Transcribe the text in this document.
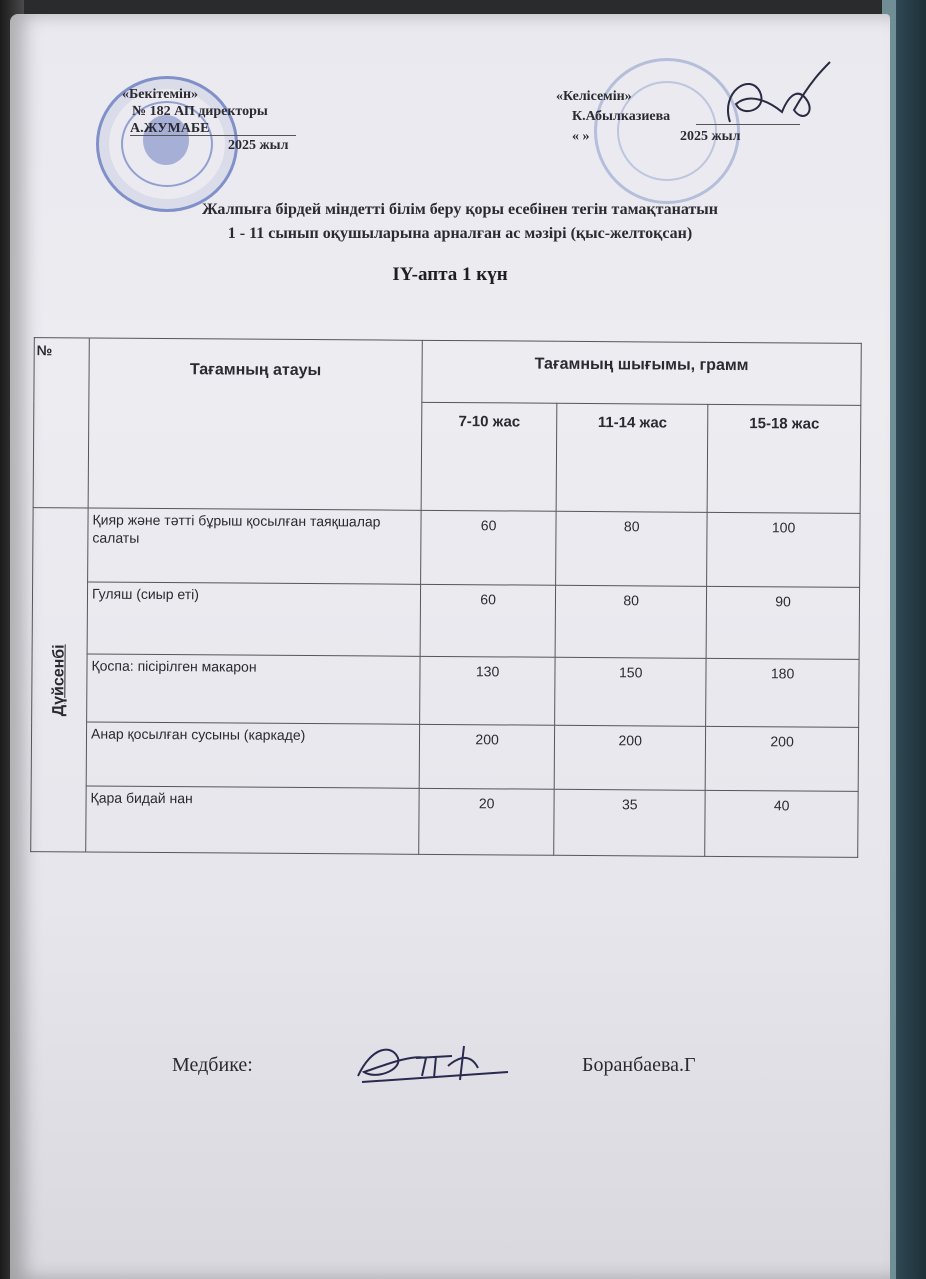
«Бекітемін»
№ 182 АП директоры
А.ЖУМАБЕ
2025 жыл
«Келісемін»
К.Абылказиева
« »	2025 жыл
Жалпыға бірдей міндетті білім беру қоры есебінен тегін тамақтанатын
1 - 11 сынып оқушыларына арналған ас мәзірі (қыс-желтоқсан)
IY-апта 1 күн
№	Тағамның атауы	Тағамның шығымы, грамм		
		7-10 жас	11-14 жас	15-18 жас

Дүйсенбі	Қияр және тәтті бұрыш қосылған таяқшалар салаты	60	80	100
	Гуляш (сиыр еті)	60	80	90
	Қоспа: пісірілген макарон	130	150	180
	Анар қосылған сусыны (каркаде)	200	200	200
	Қара бидай нан	20	35	40
Медбике:	Боранбаева.Г
